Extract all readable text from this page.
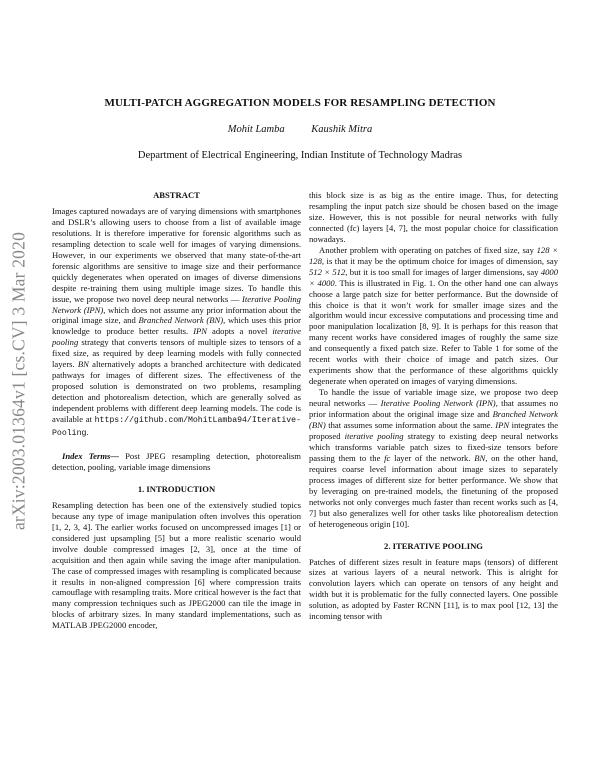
arXiv:2003.01364v1 [cs.CV] 3 Mar 2020
MULTI-PATCH AGGREGATION MODELS FOR RESAMPLING DETECTION
Mohit Lamba	Kaushik Mitra
Department of Electrical Engineering, Indian Institute of Technology Madras
ABSTRACT

Images captured nowadays are of varying dimensions with smartphones and DSLR’s allowing users to choose from a list of available image resolutions. It is therefore imperative for forensic algorithms such as resampling detection to scale well for images of varying dimensions. However, in our experiments we observed that many state-of-the-art forensic algorithms are sensitive to image size and their performance quickly degenerates when operated on images of diverse dimensions despite re-training them using multiple image sizes. To handle this issue, we propose two novel deep neural networks — Iterative Pooling Network (IPN), which does not assume any prior information about the original image size, and Branched Network (BN), which uses this prior knowledge to produce better results. IPN adopts a novel iterative pooling strategy that converts tensors of multiple sizes to tensors of a fixed size, as required by deep learning models with fully connected layers. BN alternatively adopts a branched architecture with dedicated pathways for images of different sizes. The effectiveness of the proposed solution is demonstrated on two problems, resampling detection and photorealism detection, which are generally solved as independent problems with different deep learning models. The code is available at https://github.com/MohitLamba94/Iterative-Pooling.

Index Terms— Post JPEG resampling detection, photorealism detection, pooling, variable image dimensions

1. INTRODUCTION

Resampling detection has been one of the extensively studied topics because any type of image manipulation often involves this operation [1, 2, 3, 4]. The earlier works focused on uncompressed images [1] or considered just upsampling [5] but a more realistic scenario would involve double compressed images [2, 3], once at the time of acquisition and then again while saving the image after manipulation. The case of compressed images with resampling is complicated because it results in non-aligned compression [6] where compression traits camouflage with resampling traits. More critical however is the fact that many compression techniques such as JPEG2000 can tile the image in blocks of arbitrary sizes. In many standard implementations, such as MATLAB JPEG2000 encoder,

this block size is as big as the entire image. Thus, for detecting resampling the input patch size should be chosen based on the image size. However, this is not possible for neural networks with fully connected (fc) layers [4, 7], the most popular choice for classification nowadays.

Another problem with operating on patches of fixed size, say 128 × 128, is that it may be the optimum choice for images of dimension, say 512 × 512, but it is too small for images of larger dimensions, say 4000 × 4000. This is illustrated in Fig. 1. On the other hand one can always choose a large patch size for better performance. But the downside of this choice is that it won’t work for smaller image sizes and the algorithm would incur excessive computations and processing time and poor manipulation localization [8, 9]. It is perhaps for this reason that many recent works have considered images of roughly the same size and consequently a fixed patch size. Refer to Table 1 for some of the recent works with their choice of image and patch sizes. Our experiments show that the performance of these algorithms quickly degenerate when operated on images of varying dimensions.

To handle the issue of variable image size, we propose two deep neural networks — Iterative Pooling Network (IPN), that assumes no prior information about the original image size and Branched Network (BN) that assumes some information about the same. IPN integrates the proposed iterative pooling strategy to existing deep neural networks which transforms variable patch sizes to fixed-size tensors before passing them to the fc layer of the network. BN, on the other hand, requires coarse level information about image sizes to separately process images of different size for better performance. We show that by leveraging on pre-trained models, the finetuning of the proposed networks not only converges much faster than recent works such as [4, 7] but also generalizes well for other tasks like photorealism detection of heterogeneous origin [10].

2. ITERATIVE POOLING

Patches of different sizes result in feature maps (tensors) of different sizes at various layers of a neural network. This is alright for convolution layers which can operate on tensors of any height and width but it is problematic for the fully connected layers. One possible solution, as adopted by Faster RCNN [11], is to max pool [12, 13] the incoming tensor with
